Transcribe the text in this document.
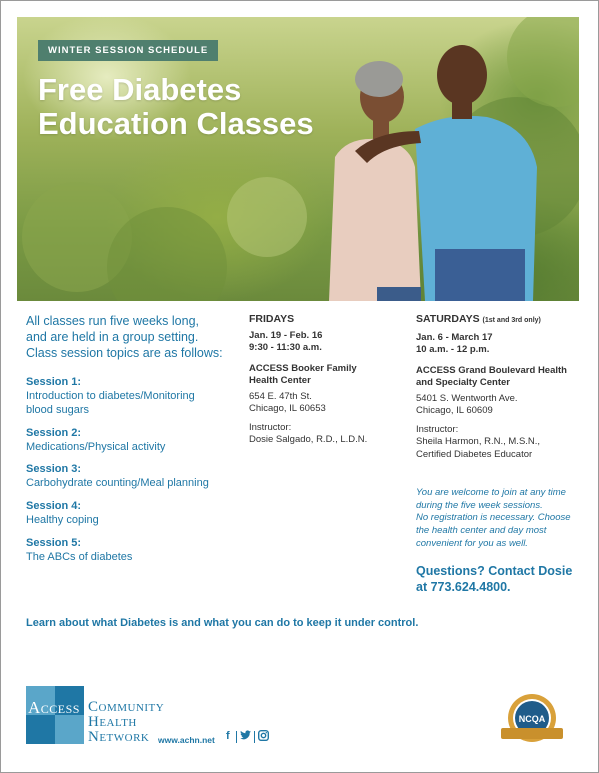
WINTER SESSION SCHEDULE
Free Diabetes
Education Classes
All classes run five weeks long,
and are held in a group setting.
Class session topics are as follows:
Session 1:
Introduction to diabetes/Monitoring
blood sugars
Session 2:
Medications/Physical activity
Session 3:
Carbohydrate counting/Meal planning
Session 4:
Healthy coping
Session 5:
The ABCs of diabetes
FRIDAYS
Jan. 19 - Feb. 16
9:30 - 11:30 a.m.
ACCESS Booker Family
Health Center
654 E. 47th St.
Chicago, IL 60653
Instructor:
Dosie Salgado, R.D., L.D.N.
SATURDAYS (1st and 3rd only)
Jan. 6 - March 17
10 a.m. - 12 p.m.
ACCESS Grand Boulevard Health
and Specialty Center
5401 S. Wentworth Ave.
Chicago, IL 60609
Instructor:
Sheila Harmon, R.N., M.S.N.,
Certified Diabetes Educator
You are welcome to join at any time
during the five week sessions.
No registration is necessary. Choose
the health center and day most
convenient for you as well.
Questions? Contact Dosie
at 773.624.4800.
Learn about what Diabetes is and what you can do to keep it under control.
Access Community
Health
Network www.achn.net f
NCQA
